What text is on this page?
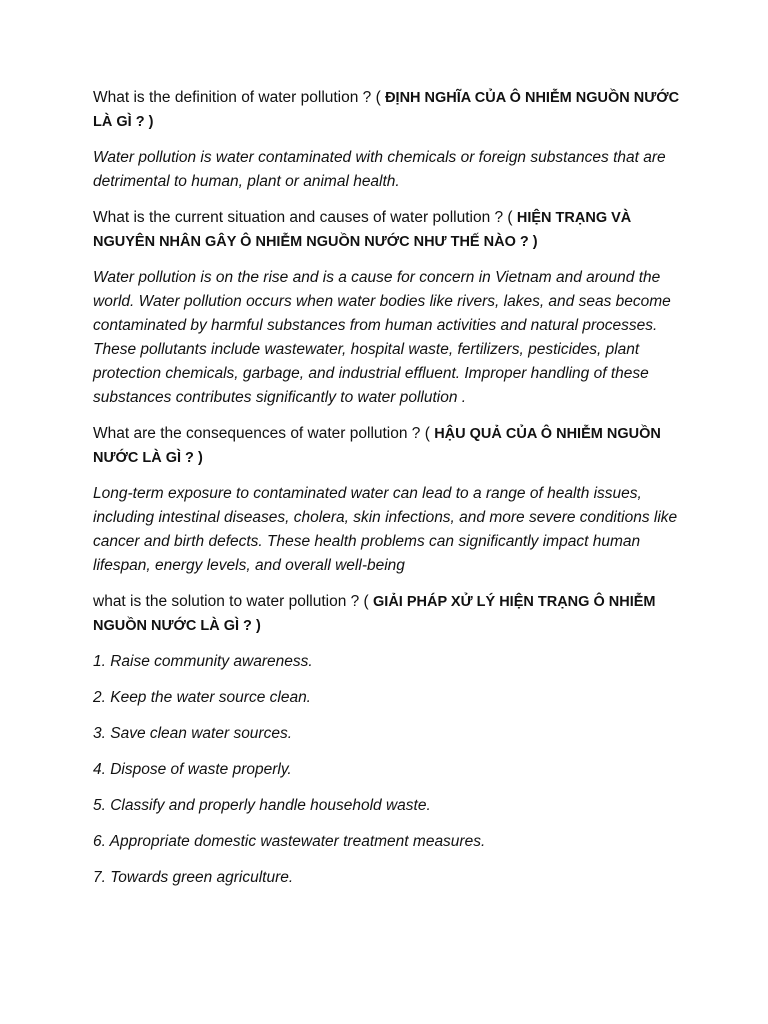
What is the definition of water pollution ? ( ĐỊNH NGHĨA CỦA Ô NHIỄM NGUỒN NƯỚC LÀ GÌ ? )

Water pollution is water contaminated with chemicals or foreign substances that are detrimental to human, plant or animal health.

What is the current situation and causes of water pollution ? ( HIỆN TRẠNG VÀ NGUYÊN NHÂN GÂY Ô NHIỄM NGUỒN NƯỚC NHƯ THẾ NÀO ? )

Water pollution is on the rise and is a cause for concern in Vietnam and around the world. Water pollution occurs when water bodies like rivers, lakes, and seas become contaminated by harmful substances from human activities and natural processes. These pollutants include wastewater, hospital waste, fertilizers, pesticides, plant protection chemicals, garbage, and industrial effluent. Improper handling of these substances contributes significantly to water pollution .

What are the consequences of water pollution ? ( HẬU QUẢ CỦA Ô NHIỄM NGUỒN NƯỚC LÀ GÌ ? )

Long-term exposure to contaminated water can lead to a range of health issues, including intestinal diseases, cholera, skin infections, and more severe conditions like cancer and birth defects. These health problems can significantly impact human lifespan, energy levels, and overall well-being

what is the solution to water pollution ? ( GIẢI PHÁP XỬ LÝ HIỆN TRẠNG Ô NHIỄM NGUỒN NƯỚC LÀ GÌ ? )

1. Raise community awareness.
2. Keep the water source clean.
3. Save clean water sources.
4. Dispose of waste properly.
5. Classify and properly handle household waste.
6. Appropriate domestic wastewater treatment measures.
7. Towards green agriculture.
